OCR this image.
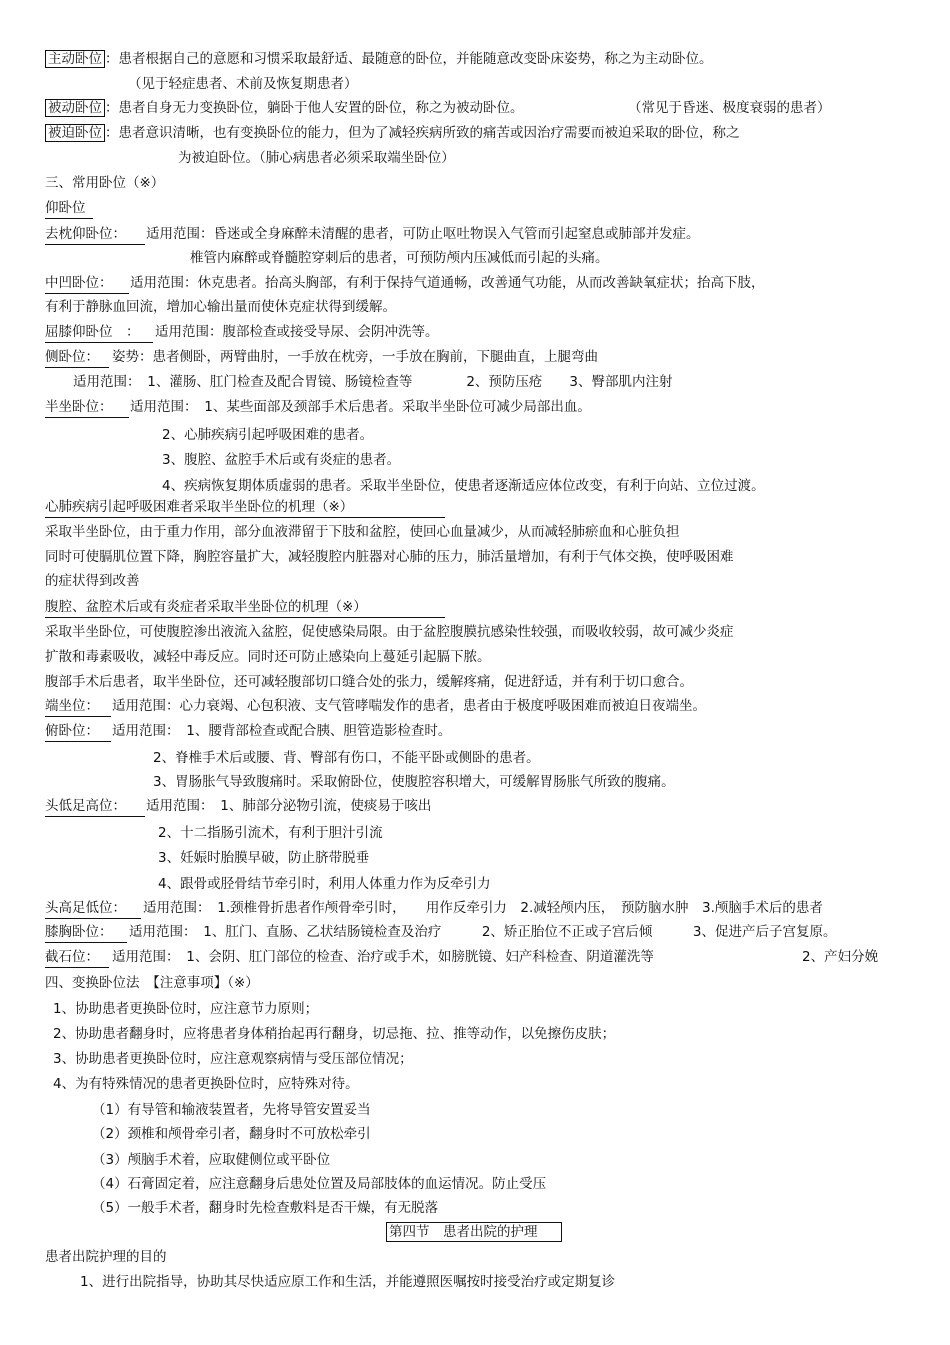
主动卧位 ：患者根据自己的意愿和习惯采取最舒适、最随意的卧位，并能随意改变卧床姿势，称之为主动卧位。
（见于轻症患者、术前及恢复期患者）
被动卧位 ：患者自身无力变换卧位，躺卧于他人安置的卧位，称之为被动卧位。	（常见于昏迷、极度衰弱的患者）
被迫卧位 ：患者意识清晰，也有变换卧位的能力，但为了减轻疾病所致的痛苦或因治疗需要而被迫采取的卧位，称之
为被迫卧位。（肺心病患者必须采取端坐卧位）
三、常用卧位（※）
仰卧位
去枕仰卧位： 适用范围：昏迷或全身麻醉未清醒的患者，可防止呕吐物误入气管而引起窒息或肺部并发症。
椎管内麻醉或脊髓腔穿刺后的患者，可预防颅内压减低而引起的头痛。
中凹卧位： 适用范围：休克患者。抬高头胸部，有利于保持气道通畅，改善通气功能，从而改善缺氧症状；抬高下肢，
有利于静脉血回流，增加心输出量而使休克症状得到缓解。
屈膝仰卧位　： 适用范围：腹部检查或接受导尿、会阴冲洗等。
侧卧位： 姿势：患者侧卧，两臂曲肘，一手放在枕旁，一手放在胸前，下腿曲直，上腿弯曲
适用范围：　1、灌肠、肛门检查及配合胃镜、肠镜检查等　　　　2、预防压疮　　3、臀部肌内注射
半坐卧位： 适用范围：　1、某些面部及颈部手术后患者。采取半坐卧位可减少局部出血。
2、心肺疾病引起呼吸困难的患者。
3、腹腔、盆腔手术后或有炎症的患者。
4、疾病恢复期体质虚弱的患者。采取半坐卧位，使患者逐渐适应体位改变，有利于向站、立位过渡。
心肺疾病引起呼吸困难者采取半坐卧位的机理（※）
采取半坐卧位，由于重力作用，部分血液滞留于下肢和盆腔，使回心血量减少，从而减轻肺瘀血和心脏负担
同时可使膈肌位置下降，胸腔容量扩大，减轻腹腔内脏器对心肺的压力，肺活量增加，有利于气体交换，使呼吸困难
的症状得到改善
腹腔、盆腔术后或有炎症者采取半坐卧位的机理（※）
采取半坐卧位，可使腹腔渗出液流入盆腔，促使感染局限。由于盆腔腹膜抗感染性较强，而吸收较弱，故可减少炎症
扩散和毒素吸收，减轻中毒反应。同时还可防止感染向上蔓延引起膈下脓。
腹部手术后患者，取半坐卧位，还可减轻腹部切口缝合处的张力，缓解疼痛，促进舒适，并有利于切口愈合。
端坐位： 适用范围：心力衰竭、心包积液、支气管哮喘发作的患者，患者由于极度呼吸困难而被迫日夜端坐。
俯卧位： 适用范围：　1、腰背部检查或配合胰、胆管造影检查时。
2、脊椎手术后或腰、背、臀部有伤口，不能平卧或侧卧的患者。
3、胃肠胀气导致腹痛时。采取俯卧位，使腹腔容积增大，可缓解胃肠胀气所致的腹痛。
头低足高位： 适用范围：　1、肺部分泌物引流，使痰易于咳出
2、十二指肠引流术，有利于胆汁引流
3、妊娠时胎膜早破，防止脐带脱垂
4、跟骨或胫骨结节牵引时，利用人体重力作为反牵引力
头高足低位： 适用范围：　1.颈椎骨折患者作颅骨牵引时，　　用作反牵引力　2.减轻颅内压，　预防脑水肿　3.颅脑手术后的患者
膝胸卧位： 适用范围：　1、肛门、直肠、乙状结肠镜检查及治疗　　　2、矫正胎位不正或子宫后倾　　　3、促进产后子宫复原。
截石位： 适用范围：　1、会阴、肛门部位的检查、治疗或手术，如膀胱镜、妇产科检查、阴道灌洗等	2、产妇分娩
四、变换卧位法　【注意事项】（※）
1、协助患者更换卧位时，应注意节力原则；
2、协助患者翻身时，应将患者身体稍抬起再行翻身，切忌拖、拉、推等动作，以免擦伤皮肤；
3、协助患者更换卧位时，应注意观察病情与受压部位情况；
4、为有特殊情况的患者更换卧位时，应特殊对待。
（1）有导管和输液装置者，先将导管安置妥当
（2）颈椎和颅骨牵引者，翻身时不可放松牵引
（3）颅脑手术着，应取健侧位或平卧位
（4）石膏固定着，应注意翻身后患处位置及局部肢体的血运情况。防止受压
（5）一般手术者，翻身时先检查敷料是否干燥，有无脱落
第四节　患者出院的护理
患者出院护理的目的
1、进行出院指导，协助其尽快适应原工作和生活，并能遵照医嘱按时接受治疗或定期复诊
